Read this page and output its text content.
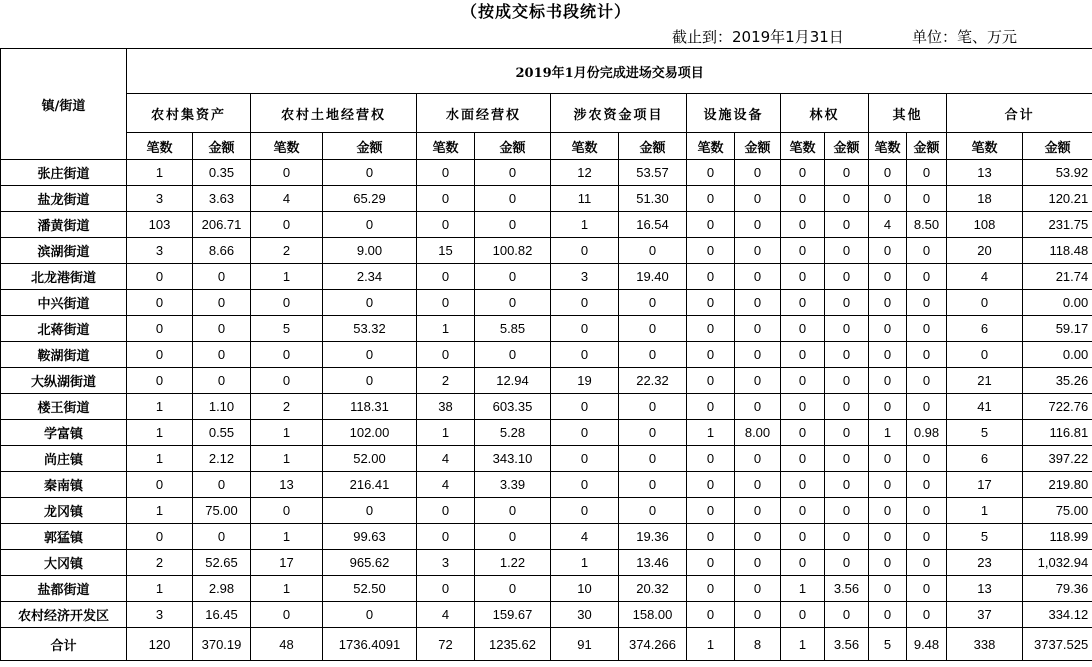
（按成交标书段统计）
截止到：2019年1月31日	单位：笔、万元
镇/街道	2019年1月份完成进场交易项目															
	农村集资产		农村土地经营权		水面经营权		涉农资金项目		设施设备		林权		其他		合计	
	笔数	金额	笔数	金额	笔数	金额	笔数	金额	笔数	金额	笔数	金额	笔数	金额	笔数	金额
张庄街道	1	0.35	0	0	0	0	12	53.57	0	0	0	0	0	0	13	53.92
盐龙街道	3	3.63	4	65.29	0	0	11	51.30	0	0	0	0	0	0	18	120.21
潘黄街道	103	206.71	0	0	0	0	1	16.54	0	0	0	0	4	8.50	108	231.75
滨湖街道	3	8.66	2	9.00	15	100.82	0	0	0	0	0	0	0	0	20	118.48
北龙港街道	0	0	1	2.34	0	0	3	19.40	0	0	0	0	0	0	4	21.74
中兴街道	0	0	0	0	0	0	0	0	0	0	0	0	0	0	0	0.00
北蒋街道	0	0	5	53.32	1	5.85	0	0	0	0	0	0	0	0	6	59.17
鞍湖街道	0	0	0	0	0	0	0	0	0	0	0	0	0	0	0	0.00
大纵湖街道	0	0	0	0	2	12.94	19	22.32	0	0	0	0	0	0	21	35.26
楼王街道	1	1.10	2	118.31	38	603.35	0	0	0	0	0	0	0	0	41	722.76
学富镇	1	0.55	1	102.00	1	5.28	0	0	1	8.00	0	0	1	0.98	5	116.81
尚庄镇	1	2.12	1	52.00	4	343.10	0	0	0	0	0	0	0	0	6	397.22
秦南镇	0	0	13	216.41	4	3.39	0	0	0	0	0	0	0	0	17	219.80
龙冈镇	1	75.00	0	0	0	0	0	0	0	0	0	0	0	0	1	75.00
郭猛镇	0	0	1	99.63	0	0	4	19.36	0	0	0	0	0	0	5	118.99
大冈镇	2	52.65	17	965.62	3	1.22	1	13.46	0	0	0	0	0	0	23	1,032.94
盐都街道	1	2.98	1	52.50	0	0	10	20.32	0	0	1	3.56	0	0	13	79.36
农村经济开发区	3	16.45	0	0	4	159.67	30	158.00	0	0	0	0	0	0	37	334.12
合计	120	370.19	48	1736.4091	72	1235.62	91	374.266	1	8	1	3.56	5	9.48	338	3737.525
